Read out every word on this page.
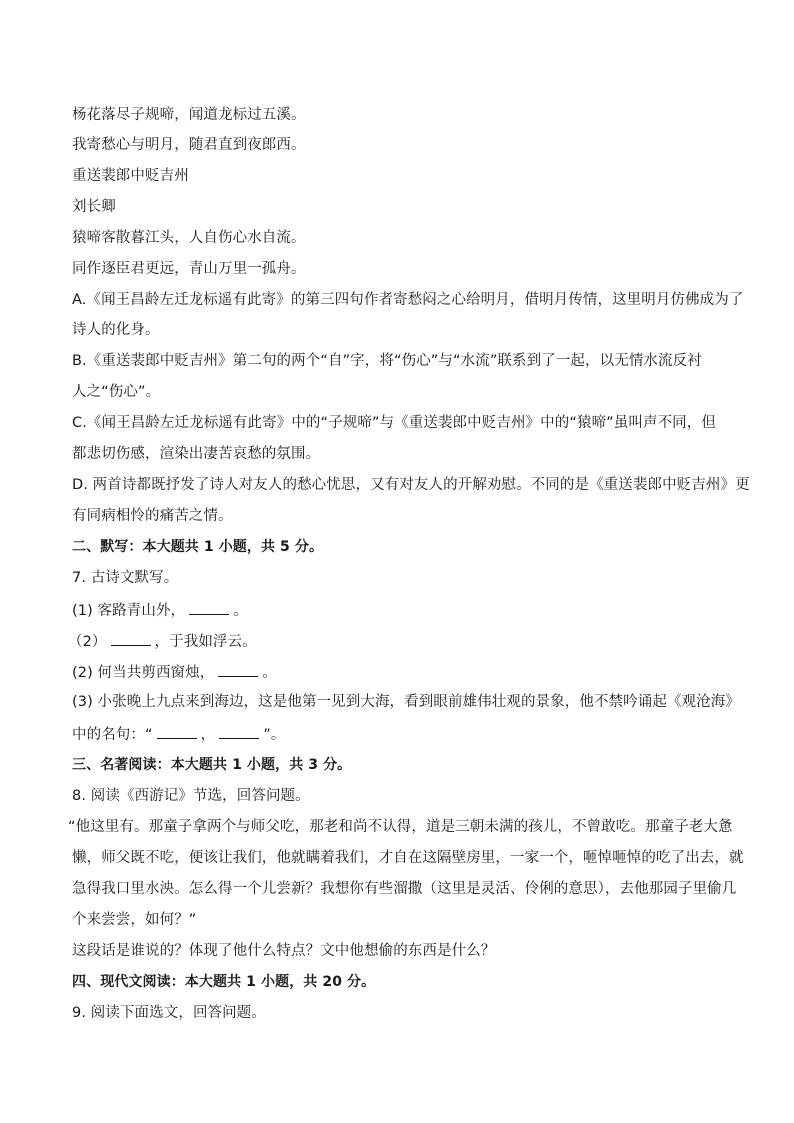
杨花落尽子规啼，闻道龙标过五溪。
我寄愁心与明月，随君直到夜郎西。
重送裴郎中贬吉州
刘长卿
猿啼客散暮江头，人自伤心水自流。
同作逐臣君更远，青山万里一孤舟。
A.《闻王昌龄左迁龙标遥有此寄》的第三四句作者寄愁闷之心给明月，借明月传情，这里明月仿佛成为了
诗人的化身。
B.《重送裴郎中贬吉州》第二句的两个“自”字，将“伤心”与“水流”联系到了一起，以无情水流反衬
人之“伤心”。
C.《闻王昌龄左迁龙标遥有此寄》中的“子规啼”与《重送裴郎中贬吉州》中的“猿啼”虽叫声不同，但
都悲切伤感，渲染出凄苦哀愁的氛围。
D. 两首诗都既抒发了诗人对友人的愁心忧思，又有对友人的开解劝慰。不同的是《重送裴郎中贬吉州》更
有同病相怜的痛苦之情。
二、默写：本大题共 1 小题，共 5 分。
7. 古诗文默写。
(1) 客路青山外，	。
（2）	，于我如浮云。
(2) 何当共剪西窗烛，	。
(3) 小张晚上九点来到海边，这是他第一见到大海，看到眼前雄伟壮观的景象，他不禁吟诵起《观沧海》
中的名句：“	，	”。
三、名著阅读：本大题共 1 小题，共 3 分。
8. 阅读《西游记》节选，回答问题。
“他这里有。那童子拿两个与师父吃，那老和尚不认得，道是三朝未满的孩儿，不曾敢吃。那童子老大惫
懒，师父既不吃，便该让我们，他就瞒着我们，才自在这隔壁房里，一家一个，咂悼咂悼的吃了出去，就
急得我口里水泱。怎么得一个儿尝新？我想你有些溜撒（这里是灵活、伶俐的意思），去他那园子里偷几
个来尝尝，如何？”
这段话是谁说的？体现了他什么特点？文中他想偷的东西是什么？
四、现代文阅读：本大题共 1 小题，共 20 分。
9. 阅读下面选文，回答问题。
